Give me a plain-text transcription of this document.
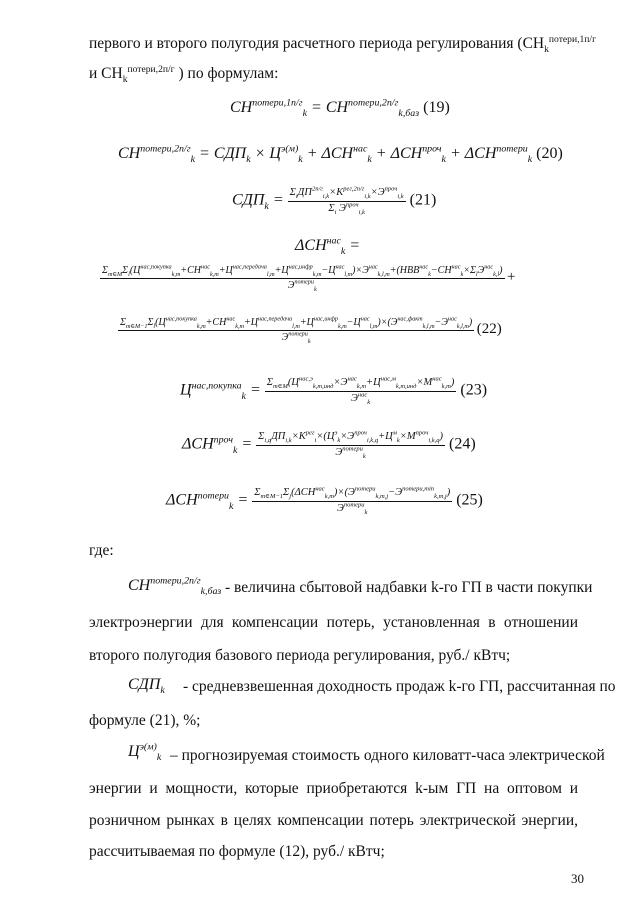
первого и второго полугодия расчетного периода регулирования ($СН_k^{потери,1п/г}$
и $СН_k^{потери,2п/г}$ ) по формулам:
$CH^{потери,1п/г}_k = CH^{потери,2п/г}_{k,баз}$ (19)
$CH^{потери,2п/г}_k = СДП_k \times Ц^{э(м)}_k + \Delta CH^{нас}_k + \Delta CH^{проч}_k + \Delta CH^{потери}_k$ (20)
$СДП_k = \frac{\Sigma_iДП^{2п/г}_{i,k}\times K^{рег,2п/г}_{i,k}\times Э^{проч}_{i,k}}{\Sigma_i Э^{проч}_{i,k}} (21)$
$\Delta CH^{нас}_k$ =
$\Sigma_{m\in M}\Sigma_l(Ц^{нас,покупка}_{k,m}+CH^{нас}_{k,m}+Ц^{нас,передача}_{l,m}+Ц^{нас,инфр}_{k,m}-Ц^{нас}_{l,m})\times Э^{нас}_{k,l,m}+(НВВ^{нас}_k-CH^{нас}_k\times\Sigma_lЭ^{нас}_{k,l})$
$Э^{потери}_k$
+
$\Sigma_{m\in M-1}\Sigma_l(Ц^{нас,покупка}_{k,m}+CH^{нас}_{k,m}+Ц^{нас,передача}_{l,m}+Ц^{нас,инфр}_{k,m}-Ц^{нас}_{l,m})\times(Э^{нас,факт}_{k,l,m}-Э^{нас}_{k,l,m})$
$Э^{потери}_k$
(22)
$Ц^{нас,покупка}_k = \frac{\Sigma_{m\in M}(Ц^{нас,э}_{k,m,инд}\times Э^{нас}_{k,m}+Ц^{нас,м}_{k,m,инд}\times M^{нас}_{k,m})}{Э^{нас}_k} (23)$
$\Delta CH^{проч}_k = \frac{\Sigma_{i,q}ДП_{i,k}\times K^{рег}_i\times(Ц^э_k\times Э^{проч}_{i,k,q}+Ц^м_k\times M^{проч}_{i,k,q})}{Э^{потери}_k} (24)$
$\Delta CH^{потери}_k = \frac{\Sigma_{m\in M-1}\Sigma_j(\Delta CH^{нас}_{k,m})\times(Э^{потери}_{k,m,j}-Э^{потери,min}_{k,m,j})}{Э^{потери}_k} (25)$
где:
$CH^{потери,2п/г}_{k,баз}$ - величина сбытовой надбавки k-го ГП в части покупки
электроэнергии для компенсации потерь, установленная в отношении
второго полугодия базового периода регулирования, руб./ кВтч;
$СДП_k$ - средневзвешенная доходность продаж k-го ГП, рассчитанная по
формуле (21), %;
$Ц^{э(м)}_k$ – прогнозируемая стоимость одного киловатт-часа электрической
энергии и мощности, которые приобретаются k-ым ГП на оптовом и
розничном рынках в целях компенсации потерь электрической энергии,
рассчитываемая по формуле (12), руб./ кВтч;
30
